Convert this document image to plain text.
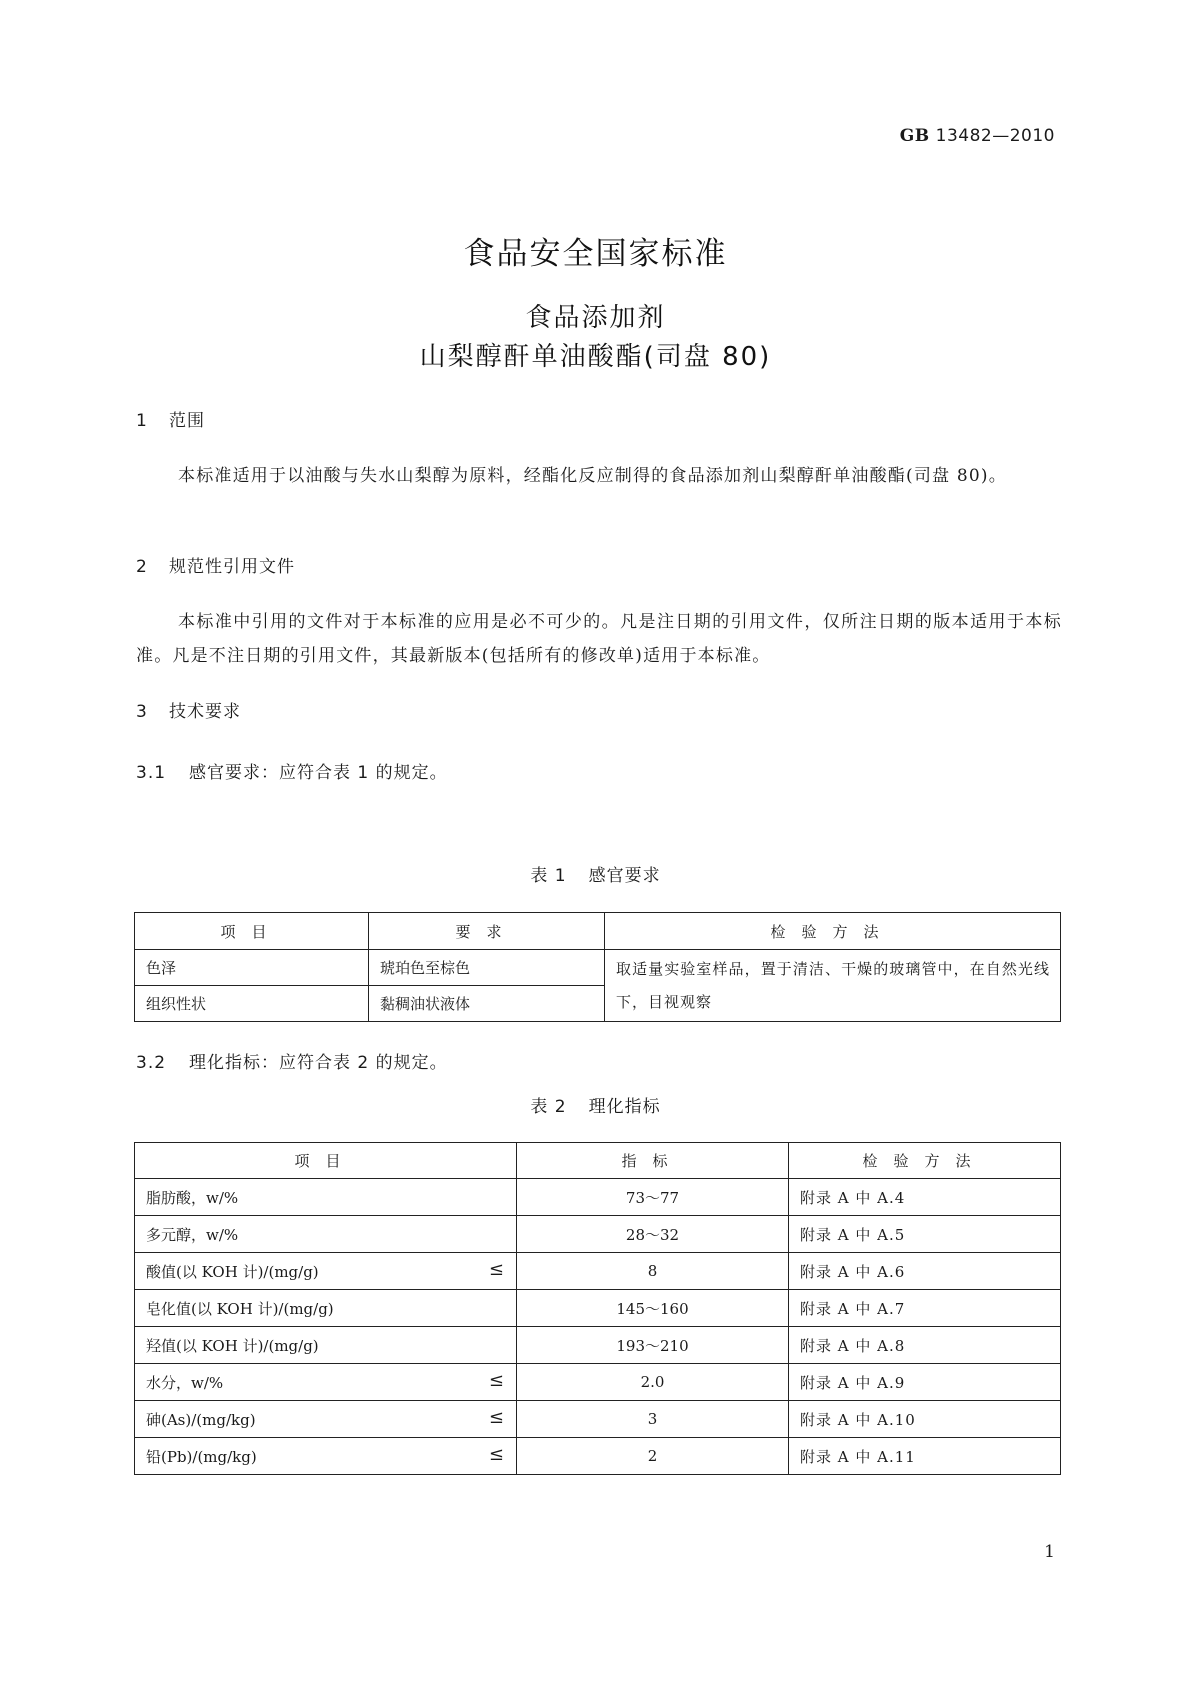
GB 13482—2010
食品安全国家标准
食品添加剂
山梨醇酐单油酸酯(司盘 80)
1 范围
本标准适用于以油酸与失水山梨醇为原料，经酯化反应制得的食品添加剂山梨醇酐单油酸酯(司盘 80)。
2 规范性引用文件
本标准中引用的文件对于本标准的应用是必不可少的。凡是注日期的引用文件，仅所注日期的版本适用于本标准。凡是不注日期的引用文件，其最新版本(包括所有的修改单)适用于本标准。
3 技术要求
3.1 感官要求：应符合表 1 的规定。
表 1 感官要求
项目	要求	检验方法
色泽	琥珀色至棕色	取适量实验室样品，置于清洁、干燥的玻璃管中，在自然光线下，目视观察
组织性状	黏稠油状液体	
3.2 理化指标：应符合表 2 的规定。
表 2 理化指标
项目	指标	检验方法
脂肪酸，w/%	73～77	附录 A 中 A.4
多元醇，w/%	28～32	附录 A 中 A.5
酸值(以 KOH 计)/(mg/g) ≤	8	附录 A 中 A.6
皂化值(以 KOH 计)/(mg/g)	145～160	附录 A 中 A.7
羟值(以 KOH 计)/(mg/g)	193～210	附录 A 中 A.8
水分，w/% ≤	2.0	附录 A 中 A.9
砷(As)/(mg/kg) ≤	3	附录 A 中 A.10
铅(Pb)/(mg/kg) ≤	2	附录 A 中 A.11
1
